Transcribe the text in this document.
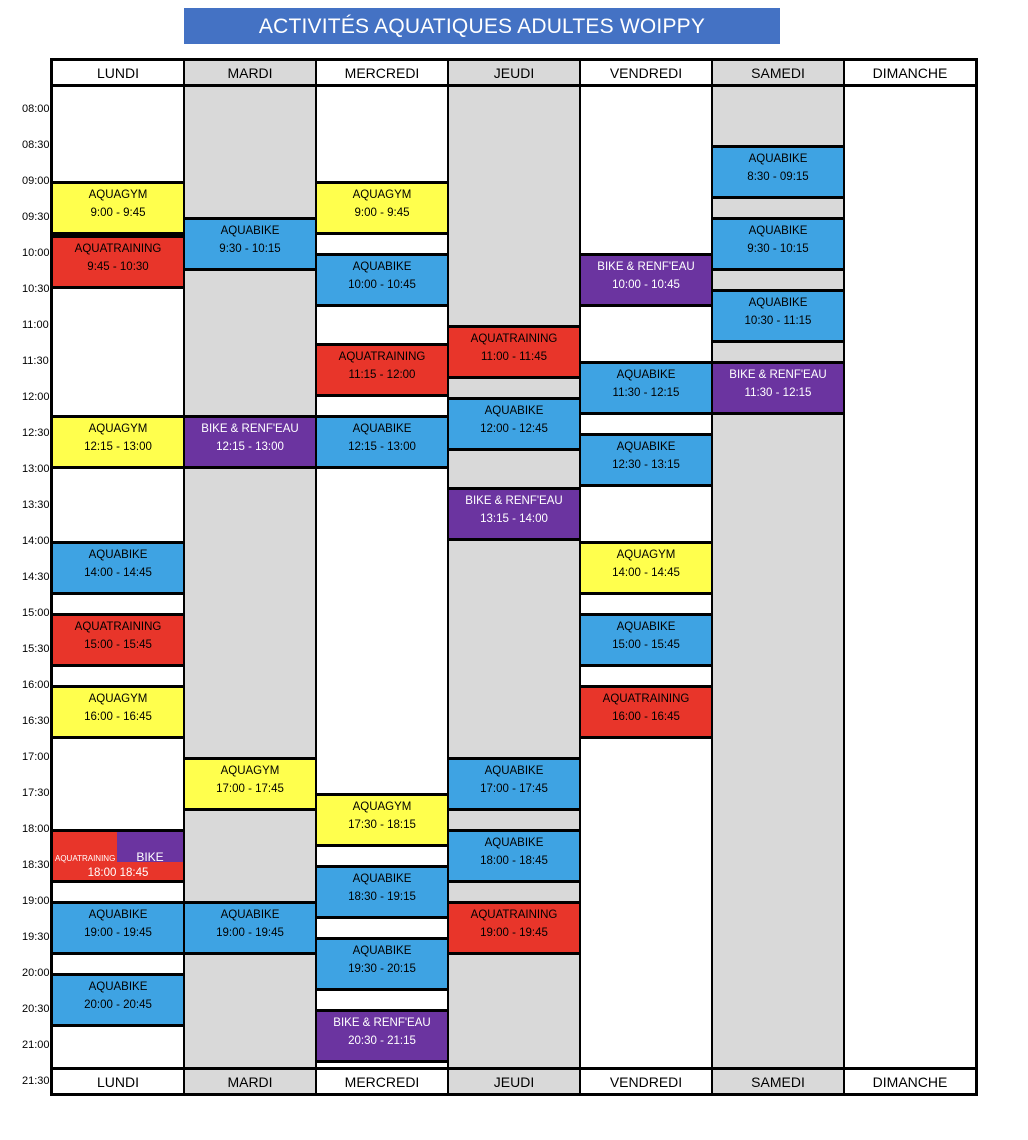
ACTIVITÉS AQUATIQUES ADULTES WOIPPY
LUNDI
LUNDI
AQUAGYM
9:00 - 9:45
AQUATRAINING
9:45 - 10:30
AQUAGYM
12:15 - 13:00
AQUABIKE
14:00 - 14:45
AQUATRAINING
15:00 - 15:45
AQUAGYM
16:00 - 16:45
AQUATRAINING	BIKE
18:00 18:45
AQUABIKE
19:00 - 19:45
AQUABIKE
20:00 - 20:45
MARDI
MARDI
AQUABIKE
9:30 - 10:15
BIKE & RENF'EAU
12:15 - 13:00
AQUAGYM
17:00 - 17:45
AQUABIKE
19:00 - 19:45
MERCREDI
MERCREDI
AQUAGYM
9:00 - 9:45
AQUABIKE
10:00 - 10:45
AQUATRAINING
11:15 - 12:00
AQUABIKE
12:15 - 13:00
AQUAGYM
17:30 - 18:15
AQUABIKE
18:30 - 19:15
AQUABIKE
19:30 - 20:15
BIKE & RENF'EAU
20:30 - 21:15
JEUDI
JEUDI
AQUATRAINING
11:00 - 11:45
AQUABIKE
12:00 - 12:45
BIKE & RENF'EAU
13:15 - 14:00
AQUABIKE
17:00 - 17:45
AQUABIKE
18:00 - 18:45
AQUATRAINING
19:00 - 19:45
VENDREDI
VENDREDI
BIKE & RENF'EAU
10:00 - 10:45
AQUABIKE
11:30 - 12:15
AQUABIKE
12:30 - 13:15
AQUAGYM
14:00 - 14:45
AQUABIKE
15:00 - 15:45
AQUATRAINING
16:00 - 16:45
SAMEDI
SAMEDI
AQUABIKE
8:30 - 09:15
AQUABIKE
9:30 - 10:15
AQUABIKE
10:30 - 11:15
BIKE & RENF'EAU
11:30 - 12:15
DIMANCHE
DIMANCHE
08:00
08:30
09:00
09:30
10:00
10:30
11:00
11:30
12:00
12:30
13:00
13:30
14:00
14:30
15:00
15:30
16:00
16:30
17:00
17:30
18:00
18:30
19:00
19:30
20:00
20:30
21:00
21:30
